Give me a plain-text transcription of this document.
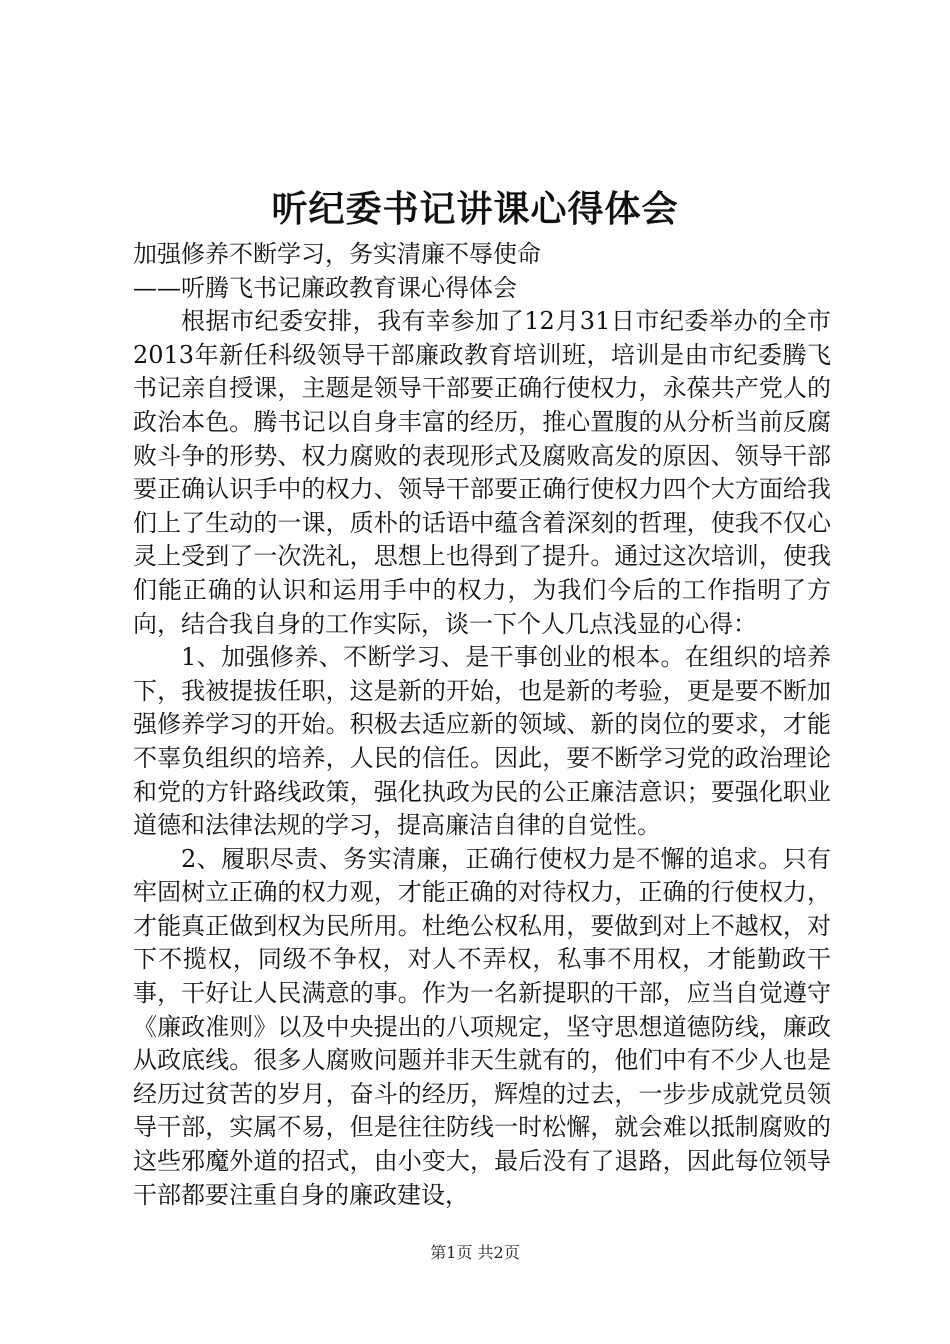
听纪委书记讲课心得体会

加强修养不断学习，务实清廉不辱使命

——听腾飞书记廉政教育课心得体会

根据市纪委安排，我有幸参加了12月31日市纪委举办的全市2013年新任科级领导干部廉政教育培训班，培训是由市纪委腾飞书记亲自授课，主题是领导干部要正确行使权力，永葆共产党人的政治本色。腾书记以自身丰富的经历，推心置腹的从分析当前反腐败斗争的形势、权力腐败的表现形式及腐败高发的原因、领导干部要正确认识手中的权力、领导干部要正确行使权力四个大方面给我们上了生动的一课，质朴的话语中蕴含着深刻的哲理，使我不仅心灵上受到了一次洗礼，思想上也得到了提升。通过这次培训，使我们能正确的认识和运用手中的权力，为我们今后的工作指明了方向，结合我自身的工作实际，谈一下个人几点浅显的心得：

1、加强修养、不断学习、是干事创业的根本。在组织的培养下，我被提拔任职，这是新的开始，也是新的考验，更是要不断加强修养学习的开始。积极去适应新的领域、新的岗位的要求，才能不辜负组织的培养，人民的信任。因此，要不断学习党的政治理论和党的方针路线政策，强化执政为民的公正廉洁意识；要强化职业道德和法律法规的学习，提高廉洁自律的自觉性。

2、履职尽责、务实清廉，正确行使权力是不懈的追求。只有牢固树立正确的权力观，才能正确的对待权力，正确的行使权力，才能真正做到权为民所用。杜绝公权私用，要做到对上不越权，对下不揽权，同级不争权，对人不弄权，私事不用权，才能勤政干事，干好让人民满意的事。作为一名新提职的干部，应当自觉遵守《廉政准则》以及中央提出的八项规定，坚守思想道德防线，廉政从政底线。很多人腐败问题并非天生就有的，他们中有不少人也是经历过贫苦的岁月，奋斗的经历，辉煌的过去，一步步成就党员领导干部，实属不易，但是往往防线一时松懈，就会难以抵制腐败的这些邪魔外道的招式，由小变大，最后没有了退路，因此每位领导干部都要注重自身的廉政建设，

第1页 共2页
